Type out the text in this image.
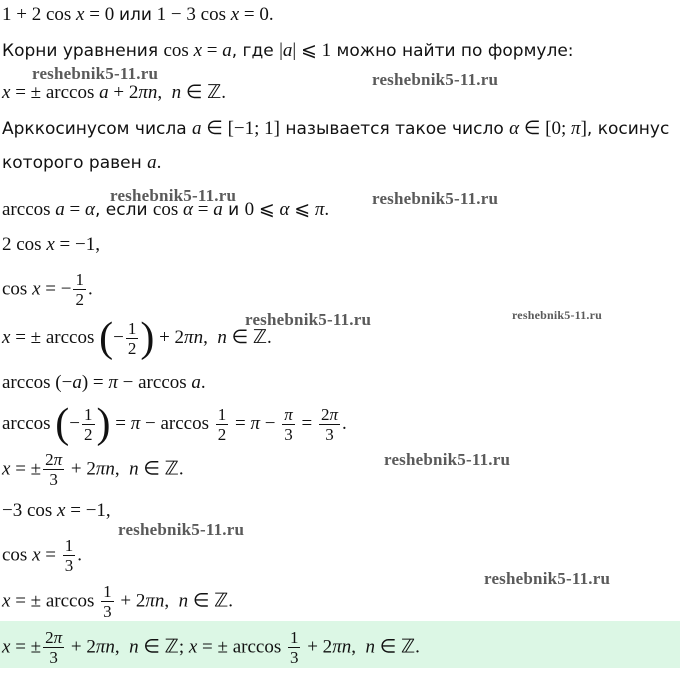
1 + 2 cos x = 0 или 1 − 3 cos x = 0.
Корни уравнения cos x = a, где |a| ⩽ 1 можно найти по формуле:
x = ± arccos a + 2πn,  n ∈ ℤ.
Арккосинусом числа a ∈ [−1; 1] называется такое число α ∈ [0; π], косинус
которого равен a.
arccos a = α, если cos α = a и 0 ⩽ α ⩽ π.
2 cos x = −1,
cos x = − $\frac{1}{2}$ .
x = ± arccos (− $\frac{1}{2}$ ) + 2πn,  n ∈ ℤ.
arccos (−a) = π − arccos a.
arccos (− $\frac{1}{2}$ ) = $\pi - \arccos \frac{1}{2} = \pi - \frac{\pi}{3} = \frac{2\pi}{3}$ .
x = ± $\frac{2\pi}{3} + 2\pi n$,  n ∈ ℤ.
−3 cos x = −1,
$\cos x = \frac{1}{3}$ .
x = ± $\arccos \frac{1}{3} + 2\pi n$,  n ∈ ℤ.
x = ± $\frac{2\pi}{3} + 2\pi n$,  n ∈ ℤ; x = ± $\arccos \frac{1}{3} + 2\pi n$,  n ∈ ℤ.
reshebnik5-11.ru	reshebnik5-11.ru
reshebnik5-11.ru	reshebnik5-11.ru
reshebnik5-11.ru	reshebnik5-11.ru
reshebnik5-11.ru
reshebnik5-11.ru
reshebnik5-11.ru
